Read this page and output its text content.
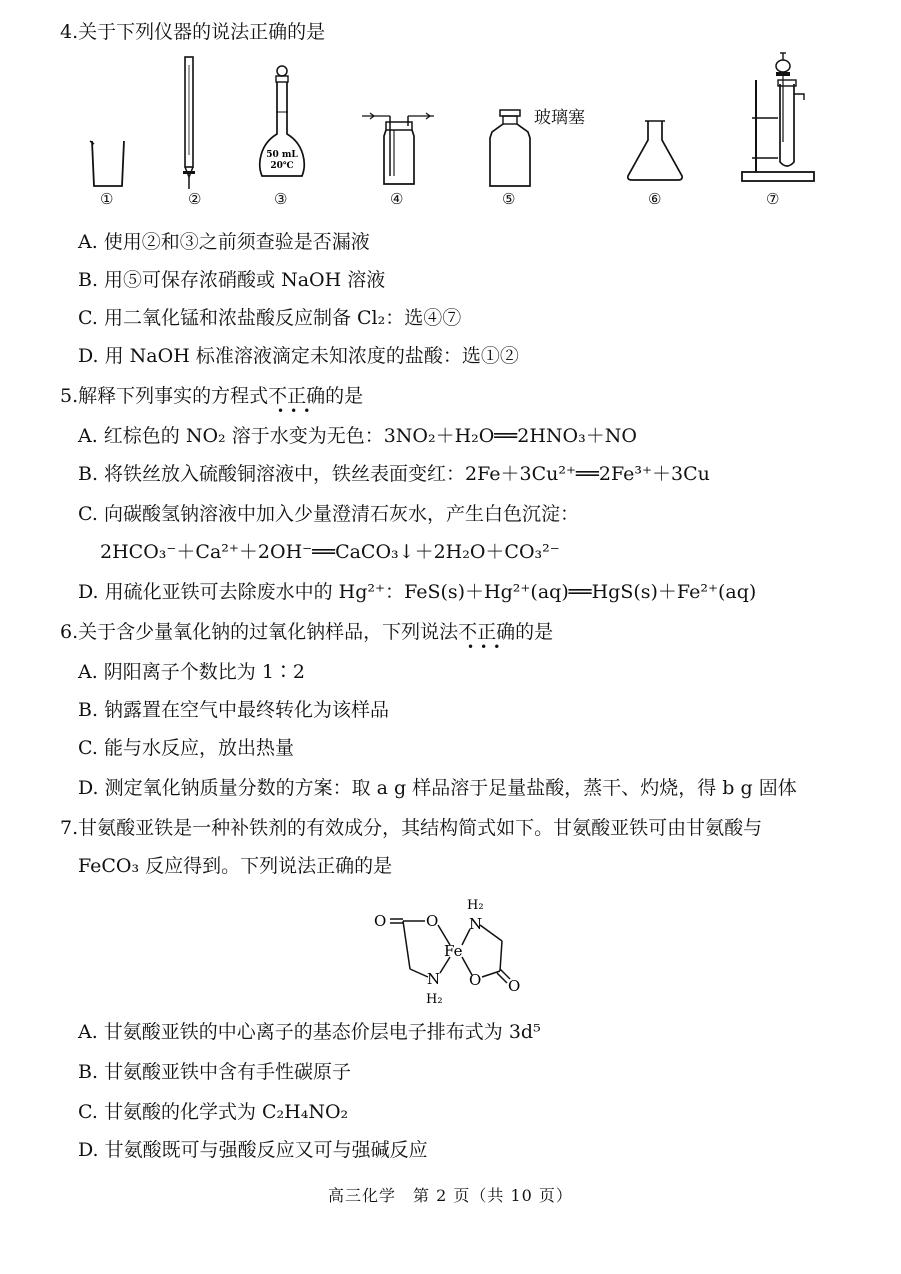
4.关于下列仪器的说法正确的是
①	②
50 mL
20℃
③	④
玻璃塞
⑤	⑥	⑦
A. 使用②和③之前须查验是否漏液
B. 用⑤可保存浓硝酸或 NaOH 溶液
C. 用二氧化锰和浓盐酸反应制备 Cl₂：选④⑦
D. 用 NaOH 标准溶液滴定未知浓度的盐酸：选①②
5.解释下列事实的方程式不正确
•••
的是
A. 红棕色的 NO₂ 溶于水变为无色：3NO₂＋H₂O══2HNO₃＋NO
B. 将铁丝放入硫酸铜溶液中，铁丝表面变红：2Fe＋3Cu²⁺══2Fe³⁺＋3Cu
C. 向碳酸氢钠溶液中加入少量澄清石灰水，产生白色沉淀：
2HCO₃⁻＋Ca²⁺＋2OH⁻══CaCO₃↓＋2H₂O＋CO₃²⁻
D. 用硫化亚铁可去除废水中的 Hg²⁺：FeS(s)＋Hg²⁺(aq)══HgS(s)＋Fe²⁺(aq)
6.关于含少量氧化钠的过氧化钠样品，下列说法不正确
•••
的是
A. 阴阳离子个数比为 1∶2
B. 钠露置在空气中最终转化为该样品
C. 能与水反应，放出热量
D. 测定氧化钠质量分数的方案：取 a g 样品溶于足量盐酸，蒸干、灼烧，得 b g 固体
7.甘氨酸亚铁是一种补铁剂的有效成分，其结构简式如下。甘氨酸亚铁可由甘氨酸与
FeCO₃ 反应得到。下列说法正确的是
O	O
Fe
N
H₂
N
H₂
O O
A. 甘氨酸亚铁的中心离子的基态价层电子排布式为 3d⁵
B. 甘氨酸亚铁中含有手性碳原子
C. 甘氨酸的化学式为 C₂H₄NO₂
D. 甘氨酸既可与强酸反应又可与强碱反应
高三化学　第 2 页（共 10 页）
